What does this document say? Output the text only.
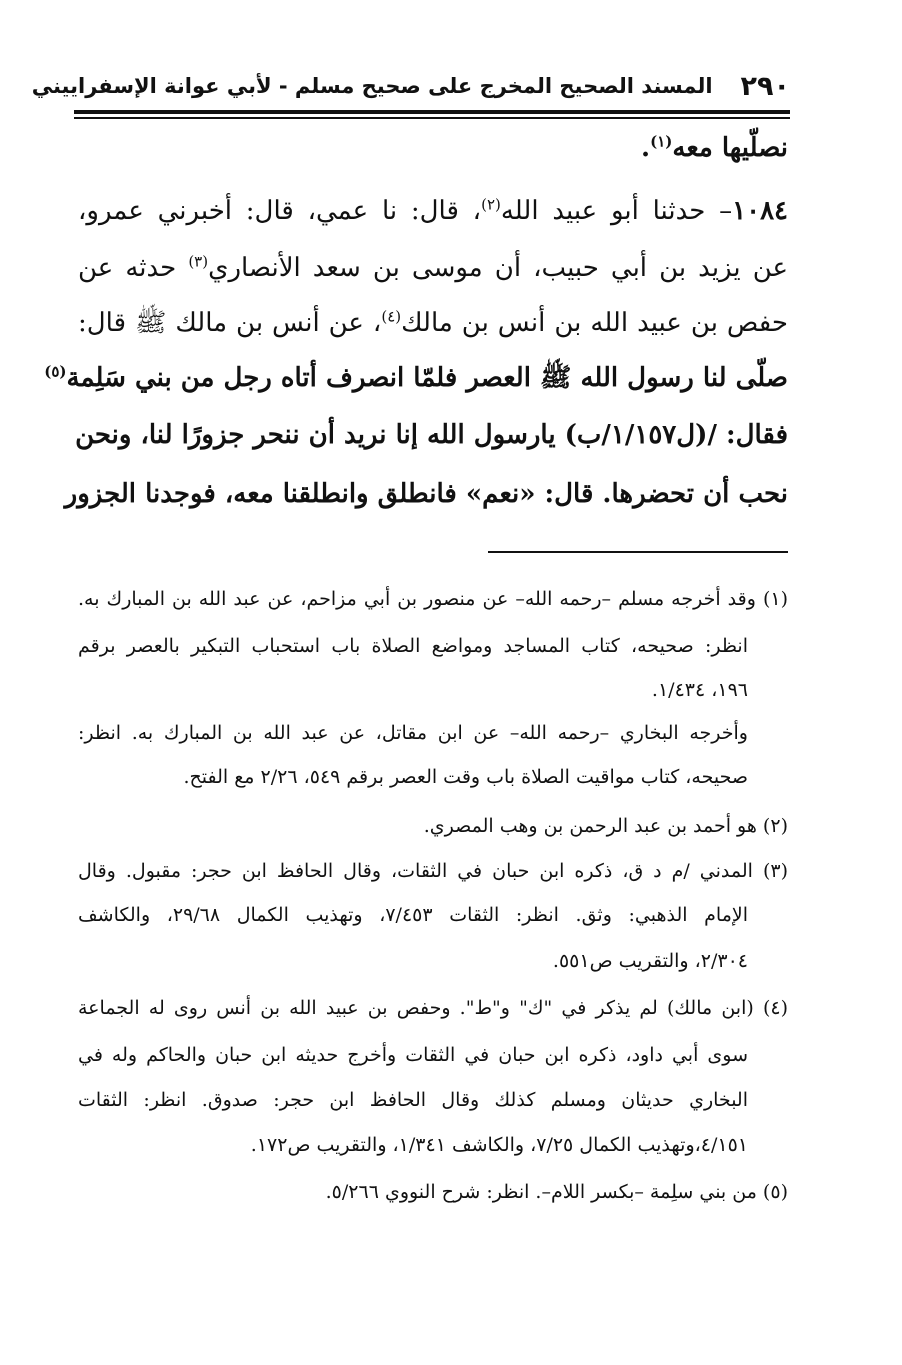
٢٩٠
المسند الصحيح المخرج على صحيح مسلم - لأبي عوانة الإسفراييني
نصلّيها معه$^{(١)}$.
١٠٨٤– حدثنا أبو عبيد الله$^{(٢)}$، قال: نا عمي، قال: أخبرني عمرو،
عن يزيد بن أبي حبيب، أن موسى بن سعد الأنصاري$^{(٣)}$ حدثه عن
حفص بن عبيد الله بن أنس بن مالك$^{(٤)}$، عن أنس بن مالك ﷺ قال:
صلّى لنا رسول الله ﷺ العصر فلمّا انصرف أتاه رجل من بني سَلِمة$^{(٥)}$
فقال: /(ل١/١٥٧/ب) يارسول الله إنا نريد أن ننحر جزورًا لنا، ونحن
نحب أن تحضرها. قال: «نعم» فانطلق وانطلقنا معه، فوجدنا الجزور
(١) وقد أخرجه مسلم –رحمه الله– عن منصور بن أبي مزاحم، عن عبد الله بن المبارك به.
انظر: صحيحه، كتاب المساجد ومواضع الصلاة باب استحباب التبكير بالعصر برقم
١٩٦، ١/٤٣٤.
وأخرجه البخاري –رحمه الله– عن ابن مقاتل، عن عبد الله بن المبارك به. انظر:
صحيحه، كتاب مواقيت الصلاة باب وقت العصر برقم ٥٤٩، ٢/٢٦ مع الفتح.
(٢) هو أحمد بن عبد الرحمن بن وهب المصري.
(٣) المدني /م د ق، ذكره ابن حبان في الثقات، وقال الحافظ ابن حجر: مقبول. وقال
الإمام الذهبي: وثق. انظر: الثقات ٧/٤٥٣، وتهذيب الكمال ٢٩/٦٨، والكاشف
٢/٣٠٤، والتقريب ص٥٥١.
(٤) (ابن مالك) لم يذكر في "ك" و"ط". وحفص بن عبيد الله بن أنس روى له الجماعة
سوى أبي داود، ذكره ابن حبان في الثقات وأخرج حديثه ابن حبان والحاكم وله في
البخاري حديثان ومسلم كذلك وقال الحافظ ابن حجر: صدوق. انظر: الثقات
٤/١٥١،وتهذيب الكمال ٧/٢٥، والكاشف ١/٣٤١، والتقريب ص١٧٢.
(٥) من بني سلِمة –بكسر اللام–. انظر: شرح النووي ٥/٢٦٦.
